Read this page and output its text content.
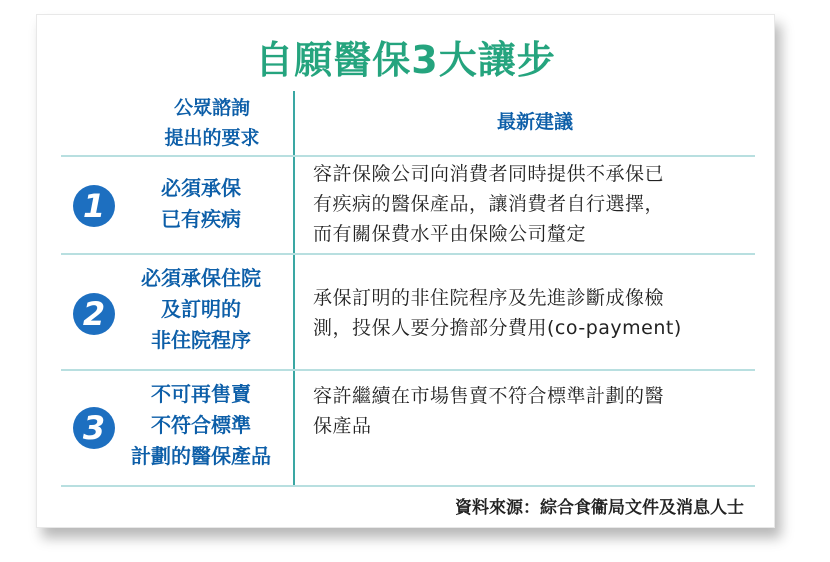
自願醫保3大讓步
公眾諮詢
提出的要求
最新建議
1	必須承保
已有疾病
容許保險公司向消費者同時提供不承保已
有疾病的醫保產品，讓消費者自行選擇，
而有關保費水平由保險公司釐定
2
必須承保住院
及訂明的
非住院程序
承保訂明的非住院程序及先進診斷成像檢
測，投保人要分擔部分費用(co-payment)
3
不可再售賣
不符合標準
計劃的醫保產品
容許繼續在市場售賣不符合標準計劃的醫
保產品
資料來源：綜合食衞局文件及消息人士
